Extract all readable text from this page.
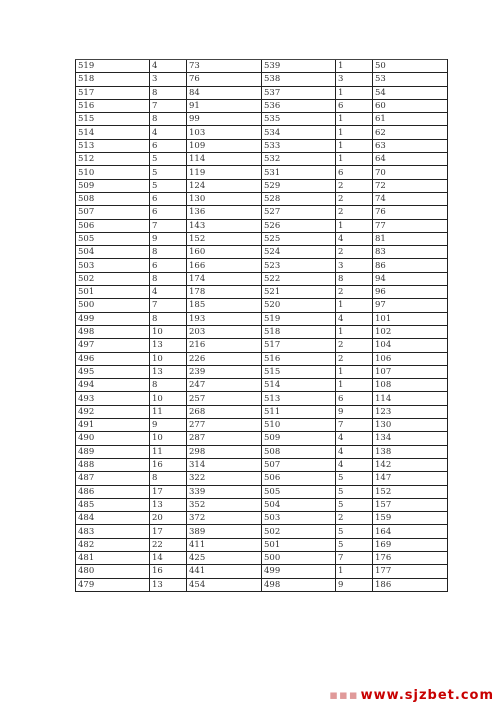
519	4	73	539	1	50
518	3	76	538	3	53
517	8	84	537	1	54
516	7	91	536	6	60
515	8	99	535	1	61
514	4	103	534	1	62
513	6	109	533	1	63
512	5	114	532	1	64
510	5	119	531	6	70
509	5	124	529	2	72
508	6	130	528	2	74
507	6	136	527	2	76
506	7	143	526	1	77
505	9	152	525	4	81
504	8	160	524	2	83
503	6	166	523	3	86
502	8	174	522	8	94
501	4	178	521	2	96
500	7	185	520	1	97
499	8	193	519	4	101
498	10	203	518	1	102
497	13	216	517	2	104
496	10	226	516	2	106
495	13	239	515	1	107
494	8	247	514	1	108
493	10	257	513	6	114
492	11	268	511	9	123
491	9	277	510	7	130
490	10	287	509	4	134
489	11	298	508	4	138
488	16	314	507	4	142
487	8	322	506	5	147
486	17	339	505	5	152
485	13	352	504	5	157
484	20	372	503	2	159
483	17	389	502	5	164
482	22	411	501	5	169
481	14	425	500	7	176
480	16	441	499	1	177
479	13	454	498	9	186
▪▪▪ www.sjzbet.com
